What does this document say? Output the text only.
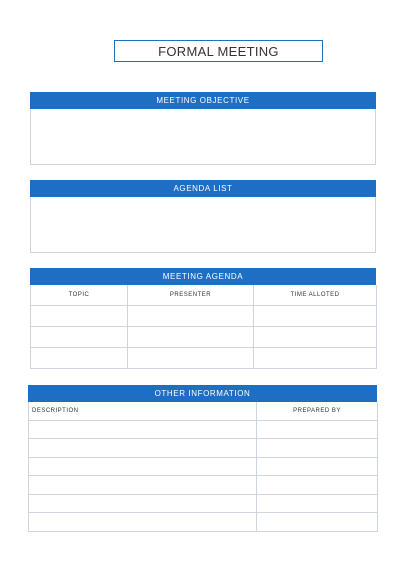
FORMAL MEETING
MEETING OBJECTIVE
AGENDA LIST
MEETING AGENDA
TOPIC	PRESENTER	TIME ALLOTED

OTHER INFORMATION
DESCRIPTION	PREPARED BY
